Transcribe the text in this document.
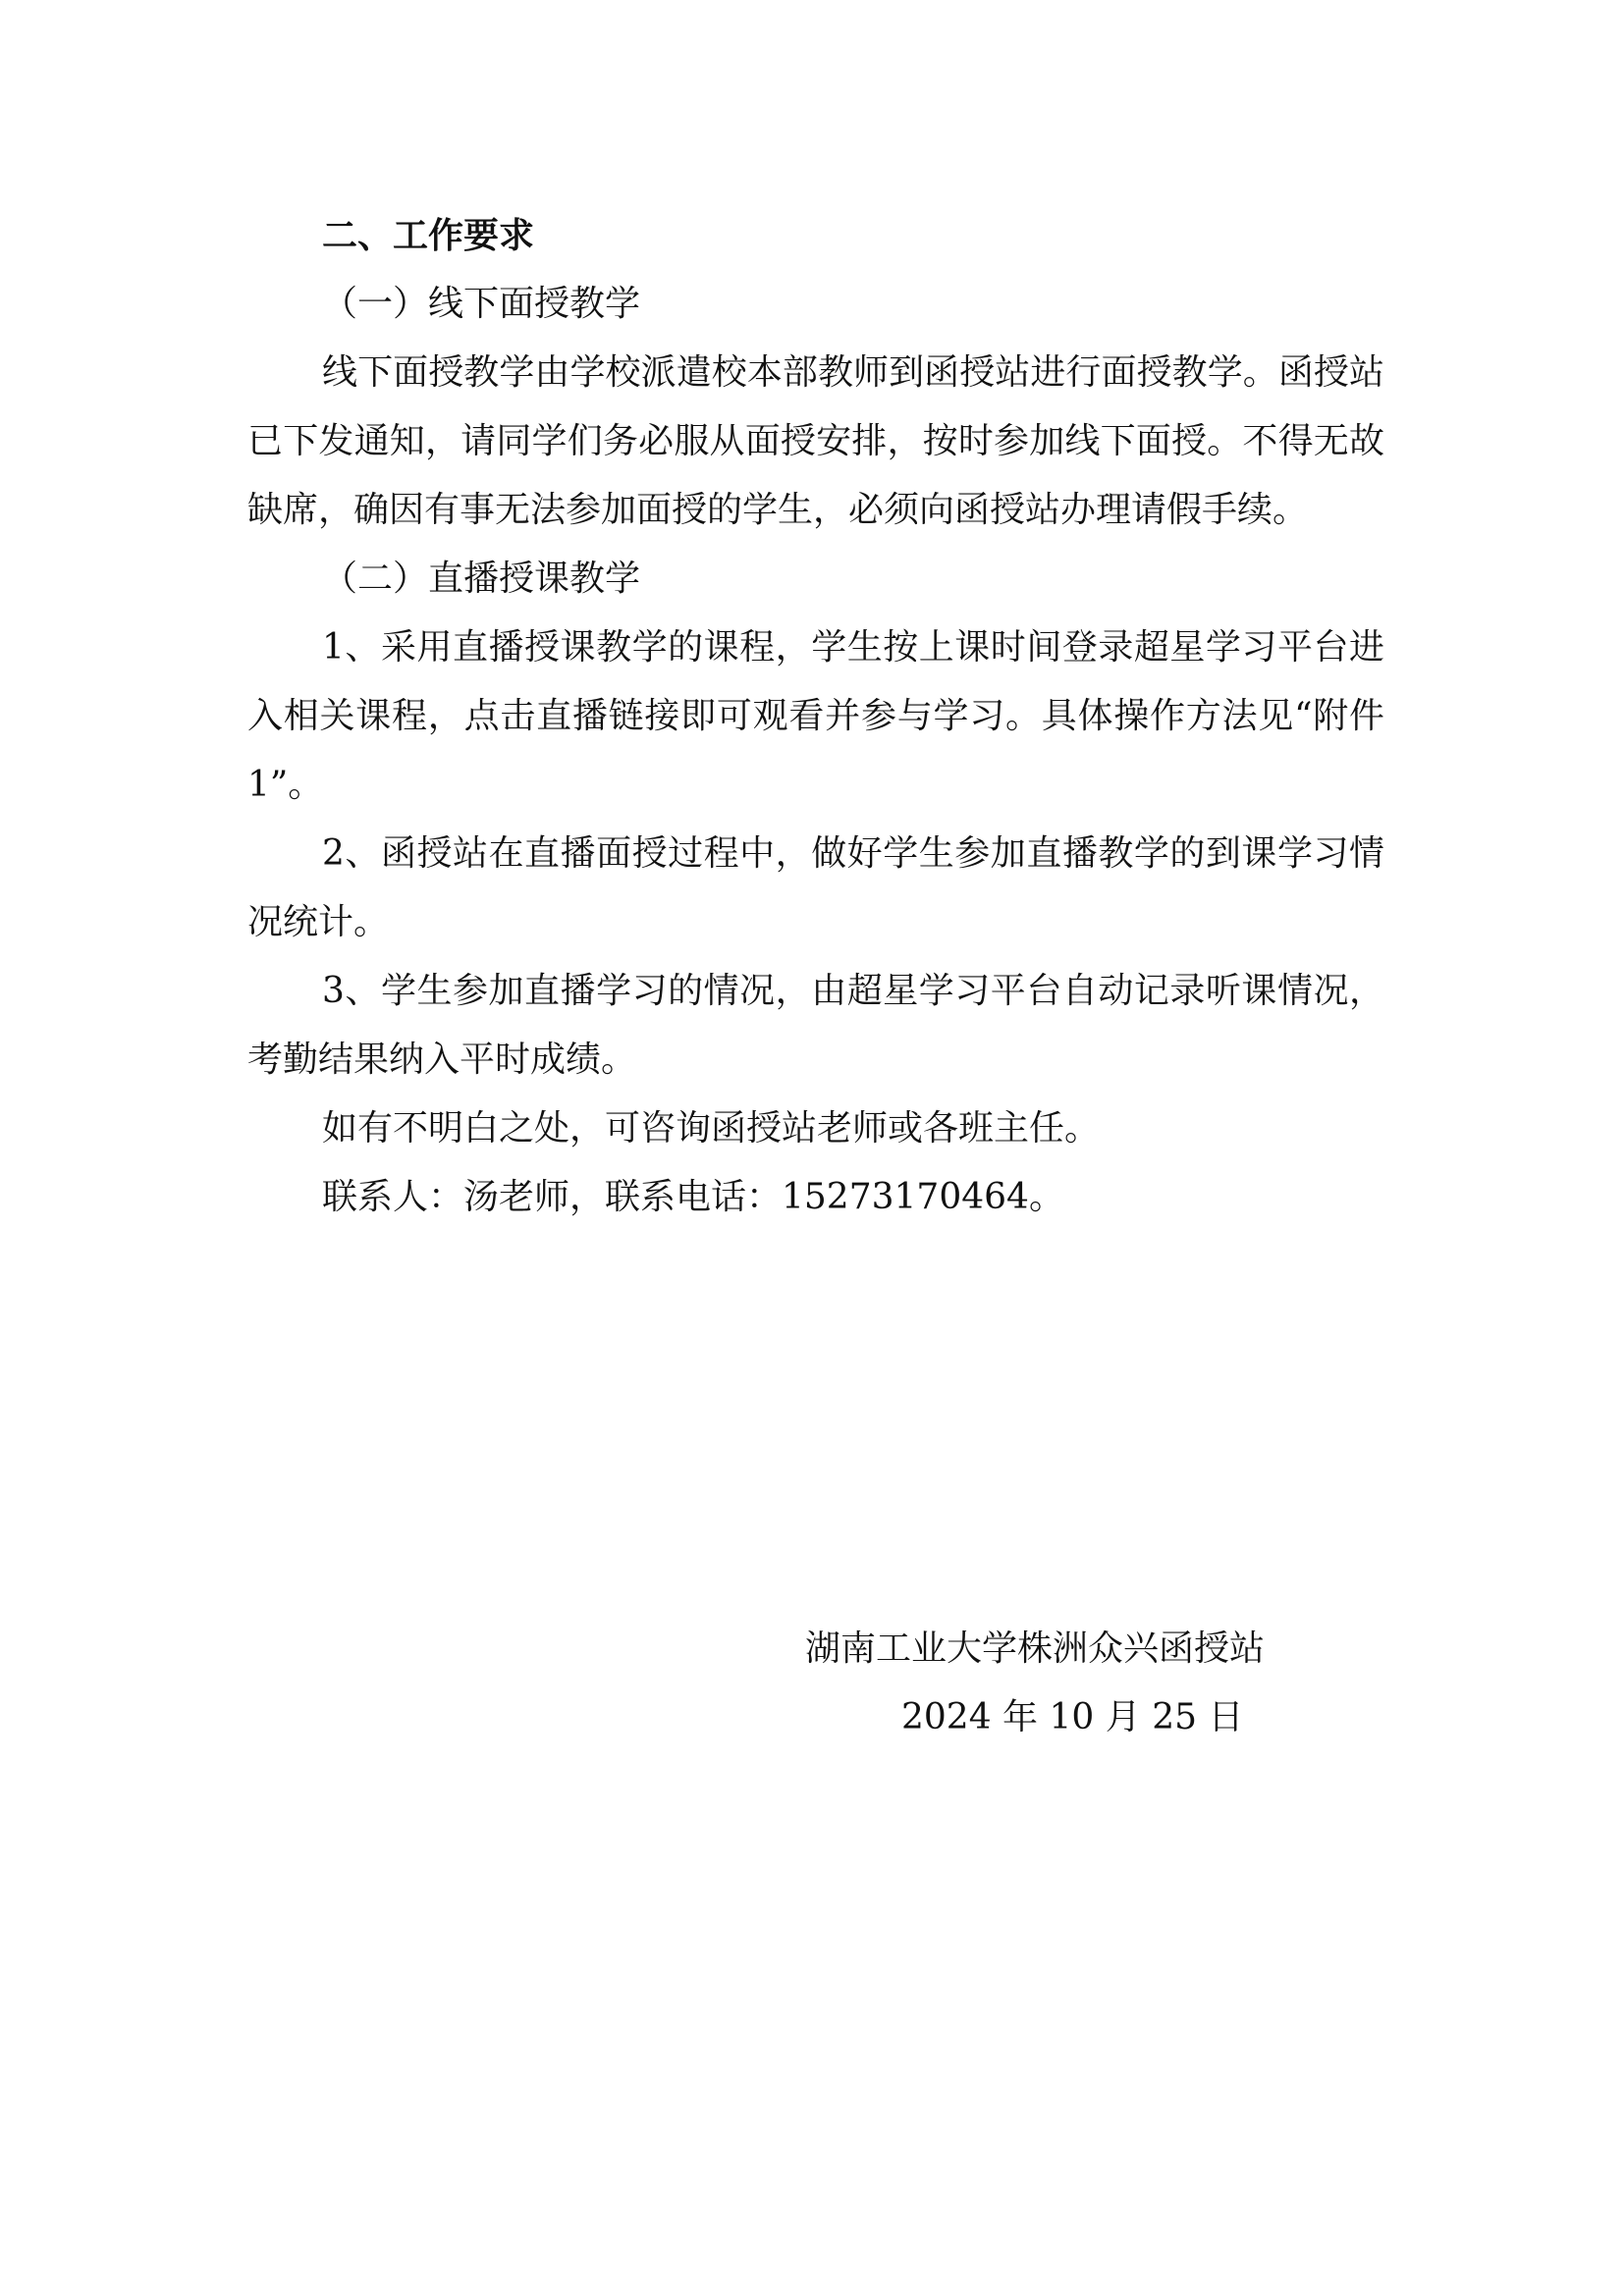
二、工作要求

（一）线下面授教学

线下面授教学由学校派遣校本部教师到函授站进行面授教学。函授站已下发通知，请同学们务必服从面授安排，按时参加线下面授。不得无故缺席，确因有事无法参加面授的学生，必须向函授站办理请假手续。

（二）直播授课教学

1、采用直播授课教学的课程，学生按上课时间登录超星学习平台进入相关课程，点击直播链接即可观看并参与学习。具体操作方法见“附件 1”。

2、函授站在直播面授过程中，做好学生参加直播教学的到课学习情况统计。

3、学生参加直播学习的情况，由超星学习平台自动记录听课情况，考勤结果纳入平时成绩。

如有不明白之处，可咨询函授站老师或各班主任。

联系人：汤老师，联系电话：15273170464。

湖南工业大学株洲众兴函授站

2024 年 10 月 25 日
